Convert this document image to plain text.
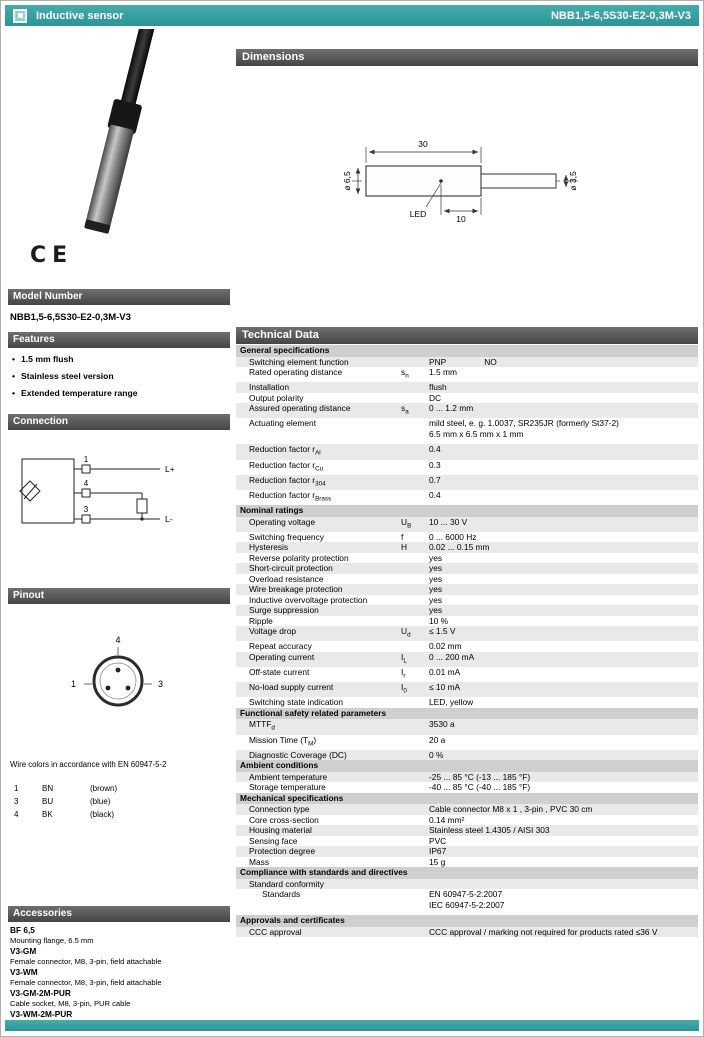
Inductive sensor	NBB1,5-6,5S30-E2-0,3M-V3
CE
Model Number
NBB1,5-6,5S30-E2-0,3M-V3
Features
• 1.5 mm flush
• Stainless steel version
• Extended temperature range
Connection
1
L+
4
3
L-
Pinout
4
3
1
Wire colors in accordance with EN 60947-5-2
1	BN	(brown)
3	BU	(blue)
4	BK	(black)
Accessories
BF 6,5
Mounting flange, 6.5 mm
V3-GM
Female connector, M8, 3-pin, field attachable
V3-WM
Female connector, M8, 3-pin, field attachable
V3-GM-2M-PUR
Cable socket, M8, 3-pin, PUR cable
V3-WM-2M-PUR
Dimensions
30
ø 6,5	ø 3,5
LED	10
Technical Data
General specifications
Switching element function	PNP	NO
Rated operating distance	$s_n$	1.5 mm
Installation	flush
Output polarity	DC
Assured operating distance	$s_a$	0 ... 1.2 mm
Actuating element	mild steel, e. g. 1.0037, SR235JR (formerly St37-2)
6.5 mm x 6.5 mm x 1 mm
Reduction factor $r_{Al}$	0.4
Reduction factor $r_{Cu}$	0.3
Reduction factor $r_{304}$	0.7
Reduction factor $r_{Brass}$	0.4
Nominal ratings
Operating voltage	$U_B$	10 ... 30 V
Switching frequency	f	0 ... 6000 Hz
Hysteresis	H	0.02 ... 0.15 mm
Reverse polarity protection	yes
Short-circuit protection	yes
Overload resistance	yes
Wire breakage protection	yes
Inductive overvoltage protection	yes
Surge suppression	yes
Ripple	10 %
Voltage drop	$U_d$	≤ 1.5 V
Repeat accuracy	0.02 mm
Operating current	$I_L$	0 ... 200 mA
Off-state current	$I_r$	0.01 mA
No-load supply current	$I_0$	≤ 10 mA
Switching state indication	LED, yellow
Functional safety related parameters
$MTTF_d$	3530 a
Mission Time $(T_M)$	20 a
Diagnostic Coverage (DC)	0 %
Ambient conditions
Ambient temperature	-25 ... 85 °C (-13 ... 185 °F)
Storage temperature	-40 ... 85 °C (-40 ... 185 °F)
Mechanical specifications
Connection type	Cable connector M8 x 1 , 3-pin , PVC 30 cm
Core cross-section	0.14 mm²
Housing material	Stainless steel 1.4305 / AISI 303
Sensing face	PVC
Protection degree	IP67
Mass	15 g
Compliance with standards and directives
Standard conformity
Standards	EN 60947-5-2:2007
IEC 60947-5-2:2007
Approvals and certificates
CCC approval	CCC approval / marking not required for products rated ≤36 V
